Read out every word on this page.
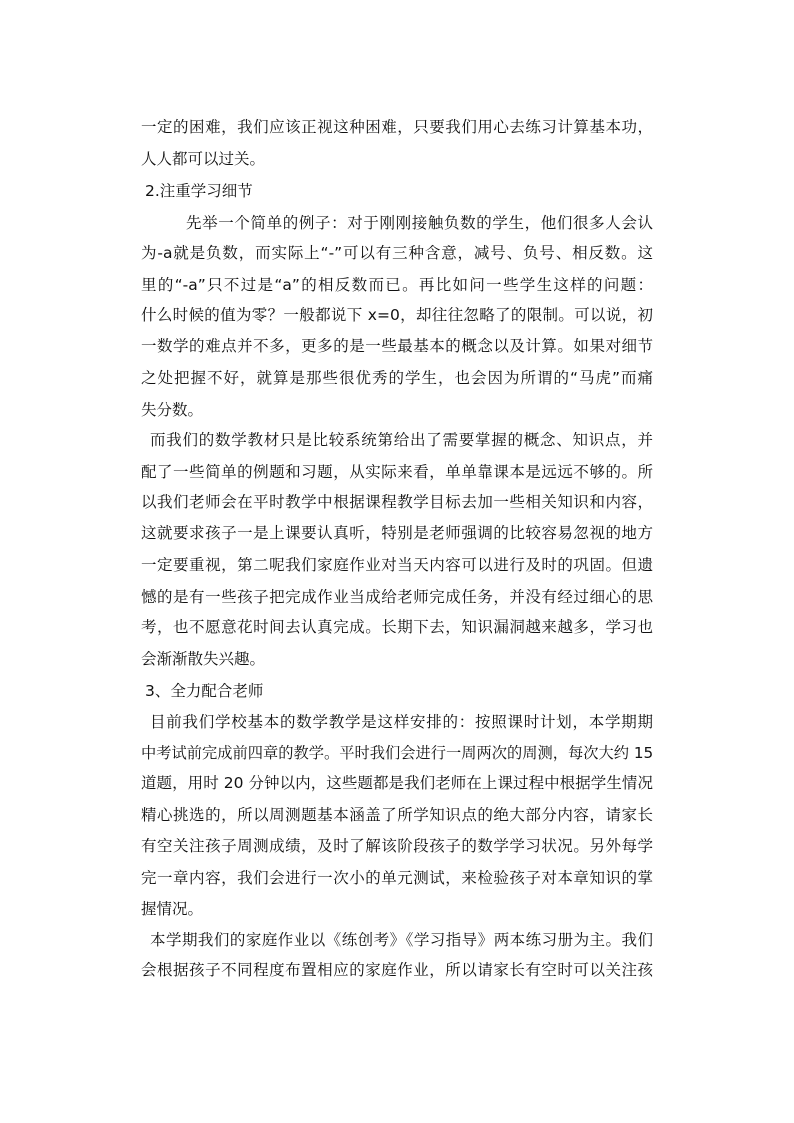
一定的困难，我们应该正视这种困难，只要我们用心去练习计算基本功，
人人都可以过关。
2.注重学习细节
先举一个简单的例子：对于刚刚接触负数的学生，他们很多人会认
为-a就是负数，而实际上“-”可以有三种含意，减号、负号、相反数。这
里的“-a”只不过是“a”的相反数而已。再比如问一些学生这样的问题：
什么时候的值为零？一般都说下 x=0，却往往忽略了的限制。可以说，初
一数学的难点并不多，更多的是一些最基本的概念以及计算。如果对细节
之处把握不好，就算是那些很优秀的学生，也会因为所谓的“马虎”而痛
失分数。
而我们的数学教材只是比较系统第给出了需要掌握的概念、知识点，并
配了一些简单的例题和习题，从实际来看，单单靠课本是远远不够的。所
以我们老师会在平时教学中根据课程教学目标去加一些相关知识和内容，
这就要求孩子一是上课要认真听，特别是老师强调的比较容易忽视的地方
一定要重视，第二呢我们家庭作业对当天内容可以进行及时的巩固。但遗
憾的是有一些孩子把完成作业当成给老师完成任务，并没有经过细心的思
考，也不愿意花时间去认真完成。长期下去，知识漏洞越来越多，学习也
会渐渐散失兴趣。
3、全力配合老师
目前我们学校基本的数学教学是这样安排的：按照课时计划，本学期期
中考试前完成前四章的教学。平时我们会进行一周两次的周测，每次大约 15
道题，用时 20 分钟以内，这些题都是我们老师在上课过程中根据学生情况
精心挑选的，所以周测题基本涵盖了所学知识点的绝大部分内容，请家长
有空关注孩子周测成绩，及时了解该阶段孩子的数学学习状况。另外每学
完一章内容，我们会进行一次小的单元测试，来检验孩子对本章知识的掌
握情况。
本学期我们的家庭作业以《练创考》《学习指导》两本练习册为主。我们
会根据孩子不同程度布置相应的家庭作业，所以请家长有空时可以关注孩
